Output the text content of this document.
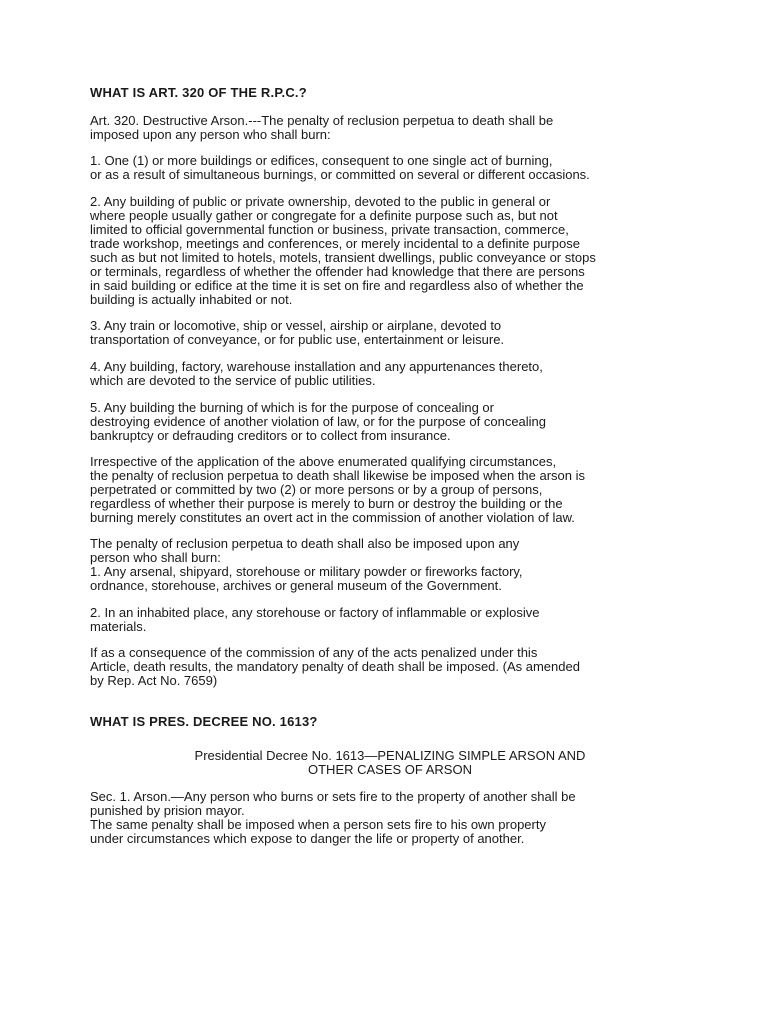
WHAT IS ART. 320 OF THE R.P.C.?

Art. 320. Destructive Arson.---The penalty of reclusion perpetua to death shall be
imposed upon any person who shall burn:

1. One (1) or more buildings or edifices, consequent to one single act of burning,
or as a result of simultaneous burnings, or committed on several or different occasions.

2. Any building of public or private ownership, devoted to the public in general or
where people usually gather or congregate for a definite purpose such as, but not
limited to official governmental function or business, private transaction, commerce,
trade workshop, meetings and conferences, or merely incidental to a definite purpose
such as but not limited to hotels, motels, transient dwellings, public conveyance or stops
or terminals, regardless of whether the offender had knowledge that there are persons
in said building or edifice at the time it is set on fire and regardless also of whether the
building is actually inhabited or not.

3. Any train or locomotive, ship or vessel, airship or airplane, devoted to
transportation of conveyance, or for public use, entertainment or leisure.

4. Any building, factory, warehouse installation and any appurtenances thereto,
which are devoted to the service of public utilities.

5. Any building the burning of which is for the purpose of concealing or
destroying evidence of another violation of law, or for the purpose of concealing
bankruptcy or defrauding creditors or to collect from insurance.

Irrespective of the application of the above enumerated qualifying circumstances,
the penalty of reclusion perpetua to death shall likewise be imposed when the arson is
perpetrated or committed by two (2) or more persons or by a group of persons,
regardless of whether their purpose is merely to burn or destroy the building or the
burning merely constitutes an overt act in the commission of another violation of law.

The penalty of reclusion perpetua to death shall also be imposed upon any
person who shall burn:
1. Any arsenal, shipyard, storehouse or military powder or fireworks factory,
ordnance, storehouse, archives or general museum of the Government.

2. In an inhabited place, any storehouse or factory of inflammable or explosive
materials.

If as a consequence of the commission of any of the acts penalized under this
Article, death results, the mandatory penalty of death shall be imposed. (As amended
by Rep. Act No. 7659)

WHAT IS PRES. DECREE NO. 1613?

Presidential Decree No. 1613—PENALIZING SIMPLE ARSON AND
OTHER CASES OF ARSON

Sec. 1. Arson.—Any person who burns or sets fire to the property of another shall be
punished by prision mayor.
The same penalty shall be imposed when a person sets fire to his own property
under circumstances which expose to danger the life or property of another.
